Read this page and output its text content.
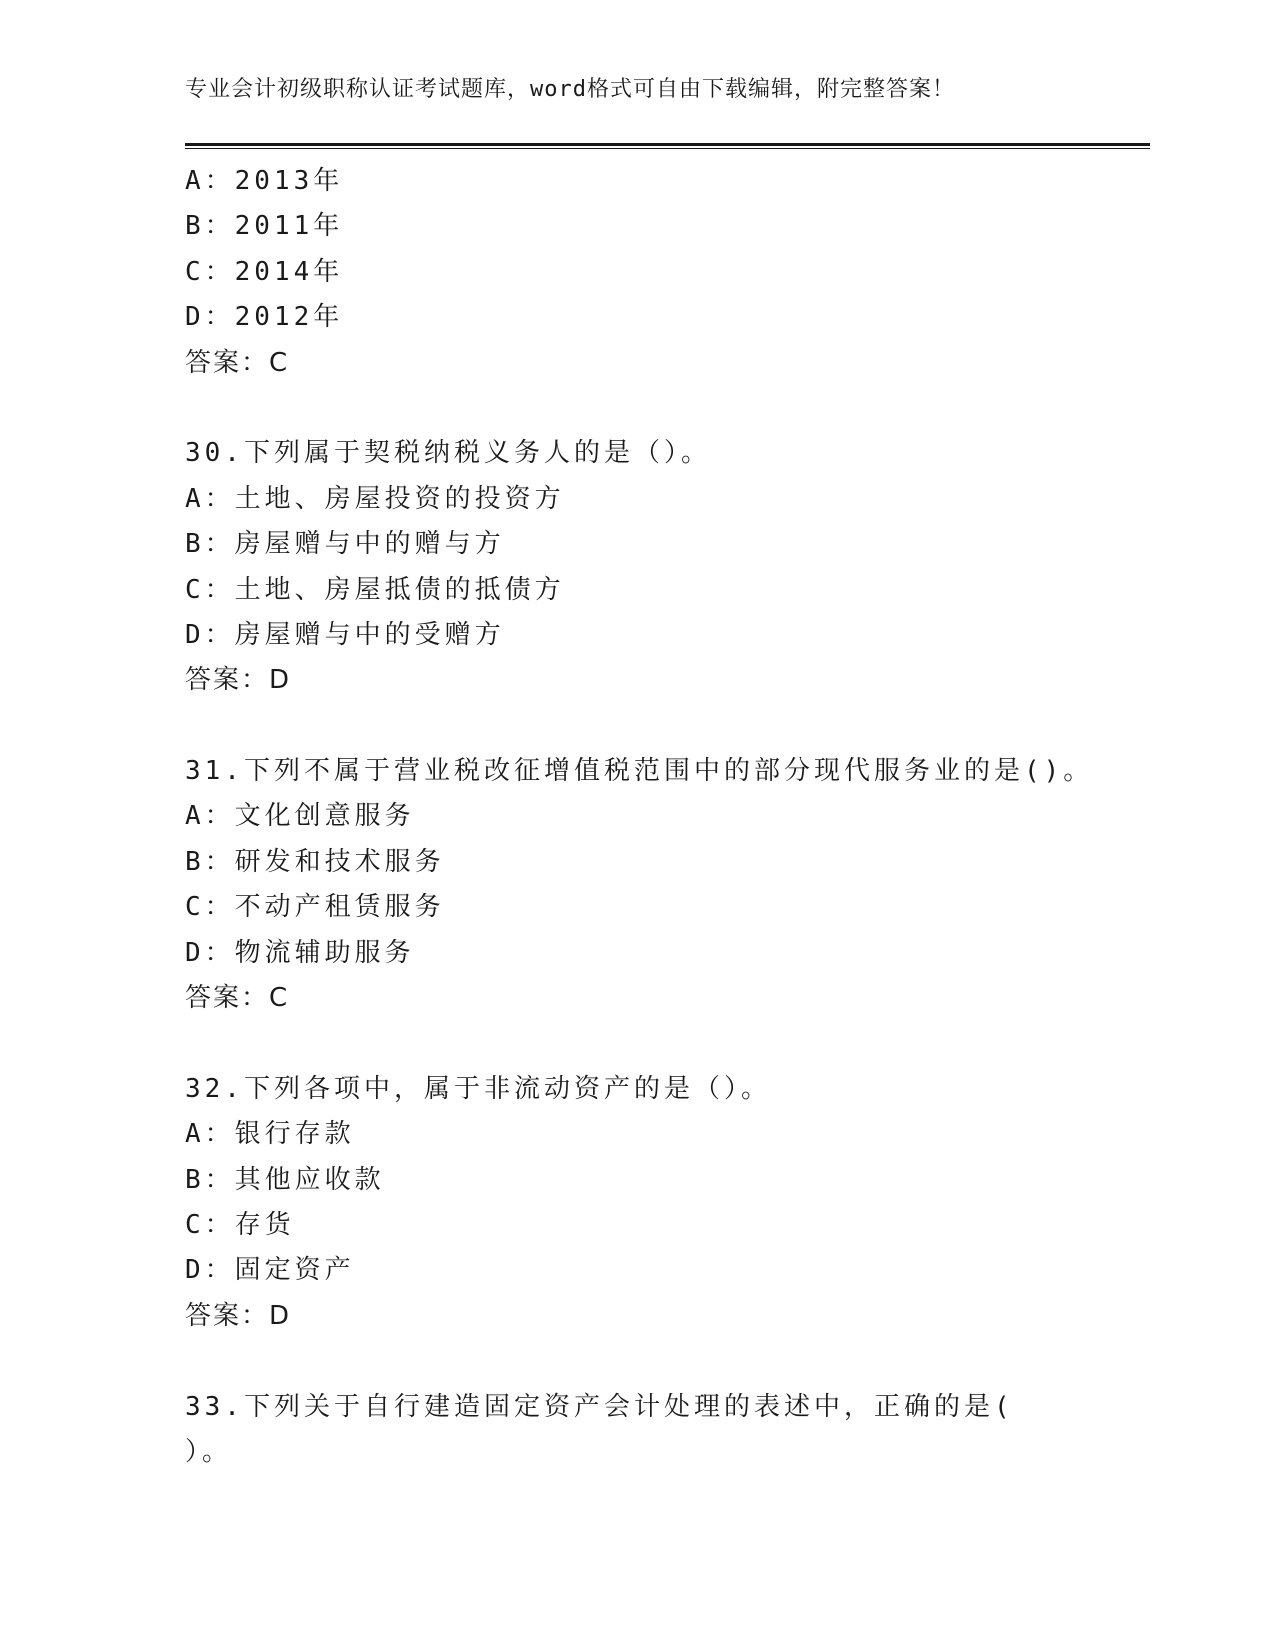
专业会计初级职称认证考试题库，word格式可自由下载编辑，附完整答案！
A：2013年
B：2011年
C：2014年
D：2012年
答案：C
30.下列属于契税纳税义务人的是（）。
A：土地、房屋投资的投资方
B：房屋赠与中的赠与方
C：土地、房屋抵债的抵债方
D：房屋赠与中的受赠方
答案：D
31.下列不属于营业税改征增值税范围中的部分现代服务业的是()。
A：文化创意服务
B：研发和技术服务
C：不动产租赁服务
D：物流辅助服务
答案：C
32.下列各项中，属于非流动资产的是（）。
A：银行存款
B：其他应收款
C：存货
D：固定资产
答案：D
33.下列关于自行建造固定资产会计处理的表述中，正确的是(
）。
